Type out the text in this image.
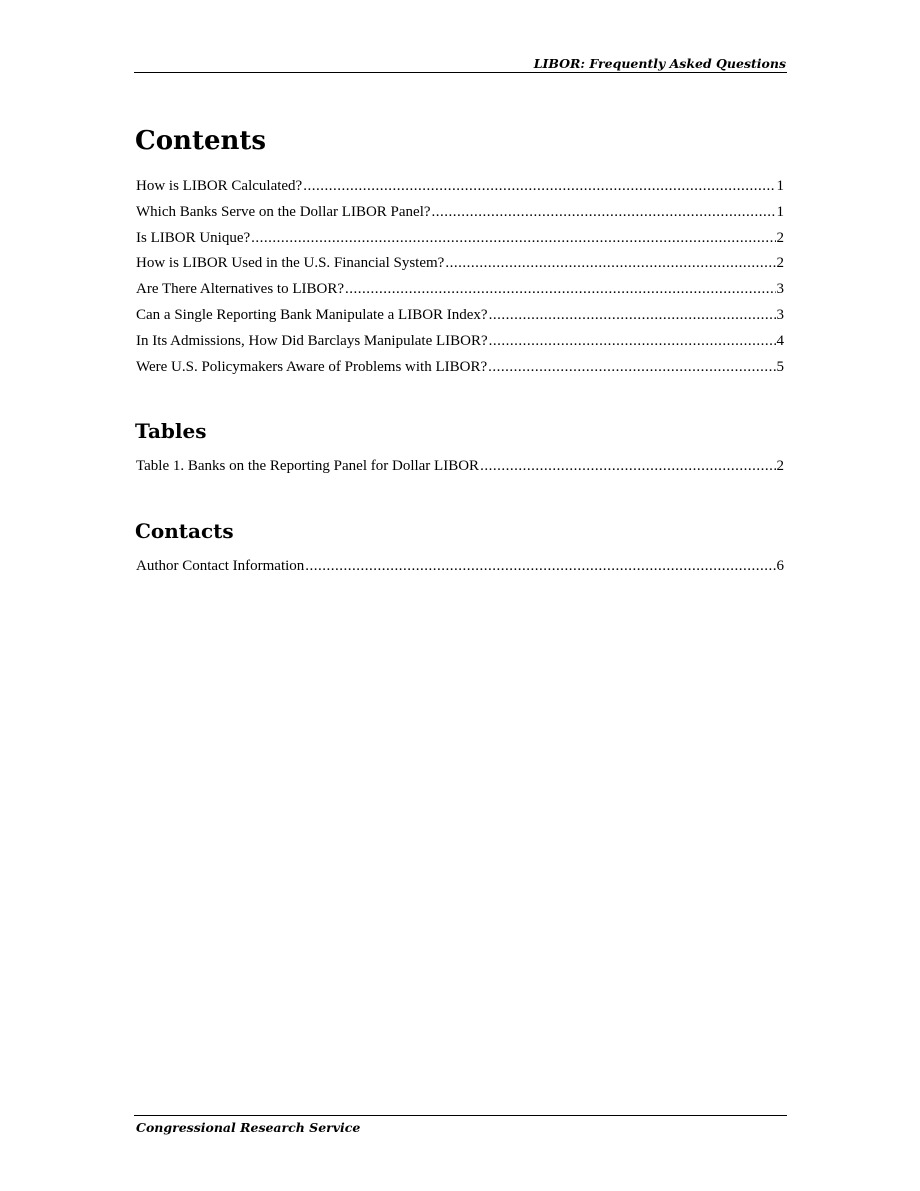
LIBOR: Frequently Asked Questions
Contents
How is LIBOR Calculated? .....	1
Which Banks Serve on the Dollar LIBOR Panel? .....	1
Is LIBOR Unique? .....	2
How is LIBOR Used in the U.S. Financial System? .....	2
Are There Alternatives to LIBOR? .....	3
Can a Single Reporting Bank Manipulate a LIBOR Index? .....	3
In Its Admissions, How Did Barclays Manipulate LIBOR? .....	4
Were U.S. Policymakers Aware of Problems with LIBOR? .....	5
Tables
Table 1. Banks on the Reporting Panel for Dollar LIBOR .....	2
Contacts
Author Contact Information .....	6
Congressional Research Service
